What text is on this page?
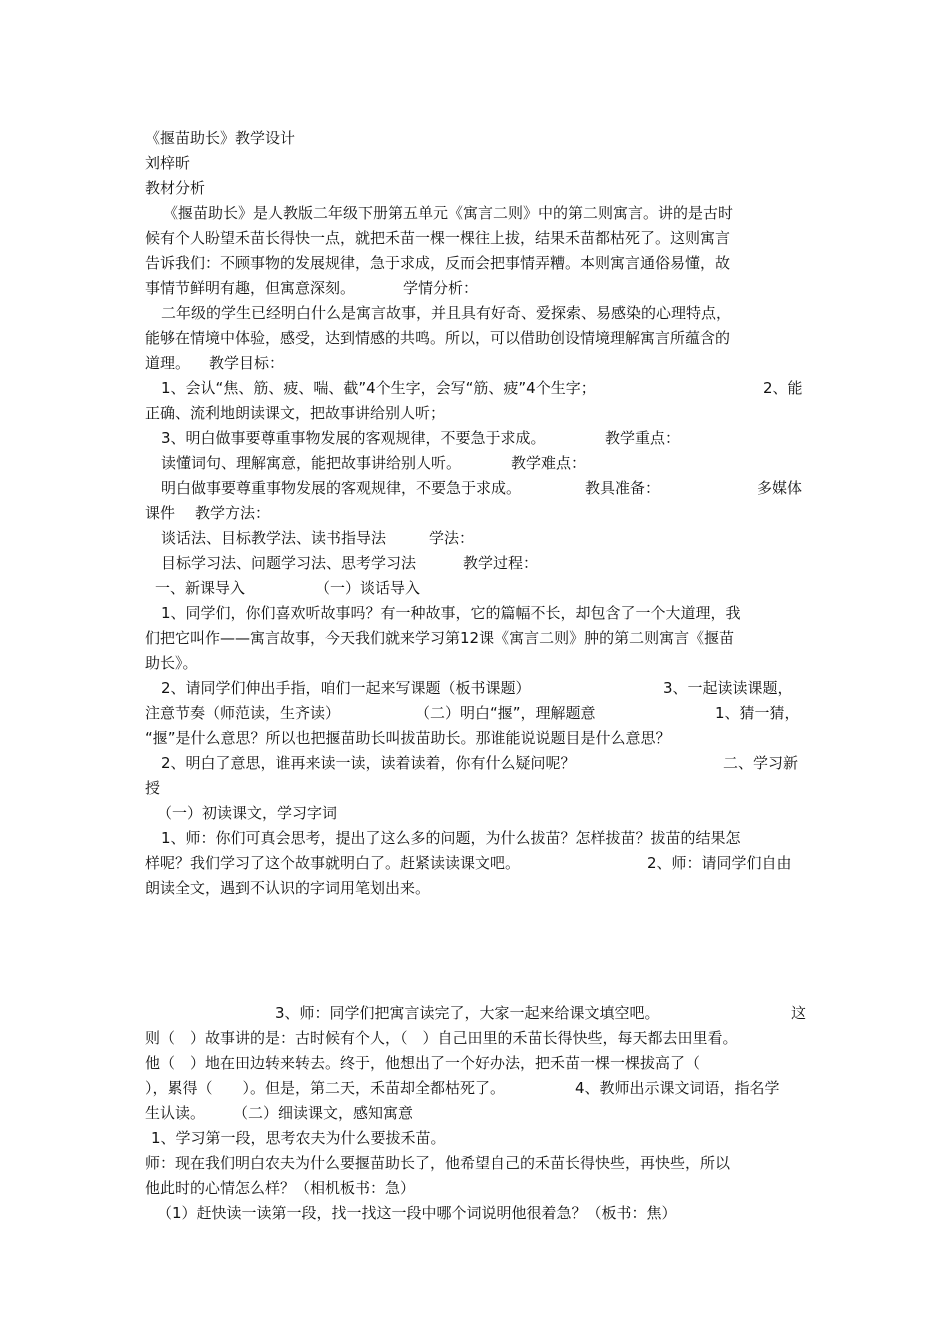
《揠苗助长》教学设计
刘梓昕
教材分析
《揠苗助长》是人教版二年级下册第五单元《寓言二则》中的第二则寓言。讲的是古时
候有个人盼望禾苗长得快一点，就把禾苗一棵一棵往上拔，结果禾苗都枯死了。这则寓言
告诉我们：不顾事物的发展规律，急于求成，反而会把事情弄糟。本则寓言通俗易懂，故
事情节鲜明有趣，但寓意深刻。	学情分析：
二年级的学生已经明白什么是寓言故事，并且具有好奇、爱探索、易感染的心理特点，
能够在情境中体验，感受，达到情感的共鸣。所以，可以借助创设情境理解寓言所蕴含的
道理。 教学目标：
1、会认“焦、筋、疲、喘、截”4个生字，会写“筋、疲”4个生字；	2、能
正确、流利地朗读课文，把故事讲给别人听；
3、明白做事要尊重事物发展的客观规律，不要急于求成。	教学重点：
读懂词句、理解寓意，能把故事讲给别人听。	教学难点：
明白做事要尊重事物发展的客观规律，不要急于求成。	教具准备：	多媒体
课件 教学方法：
谈话法、目标教学法、读书指导法	学法：
目标学习法、问题学习法、思考学习法	教学过程：
一、新课导入	（一）谈话导入
1、同学们，你们喜欢听故事吗？有一种故事，它的篇幅不长，却包含了一个大道理，我
们把它叫作——寓言故事，今天我们就来学习第12课《寓言二则》肿的第二则寓言《揠苗
助长》。
2、请同学们伸出手指，咱们一起来写课题（板书课题）	3、一起读读课题，
注意节奏（师范读，生齐读）	（二）明白“揠”，理解题意	1、猜一猜，
“揠”是什么意思？所以也把揠苗助长叫拔苗助长。那谁能说说题目是什么意思？
2、明白了意思，谁再来读一读，读着读着，你有什么疑问呢？	二、学习新
授
（一）初读课文，学习字词
1、师：你们可真会思考，提出了这么多的问题，为什么拔苗？怎样拔苗？拔苗的结果怎
样呢？我们学习了这个故事就明白了。赶紧读读课文吧。	2、师：请同学们自由
朗读全文，遇到不认识的字词用笔划出来。
3、师：同学们把寓言读完了，大家一起来给课文填空吧。	这
则（　）故事讲的是：古时候有个人，（　）自己田里的禾苗长得快些，每天都去田里看。
他（　）地在田边转来转去。终于，他想出了一个好办法，把禾苗一棵一棵拔高了（
），累得（　　）。但是，第二天，禾苗却全都枯死了。	4、教师出示课文词语，指名学
生认读。 （二）细读课文，感知寓意
1、学习第一段，思考农夫为什么要拔禾苗。
师：现在我们明白农夫为什么要揠苗助长了，他希望自己的禾苗长得快些，再快些，所以
他此时的心情怎么样？（相机板书：急）
（1）赶快读一读第一段，找一找这一段中哪个词说明他很着急？（板书：焦）
